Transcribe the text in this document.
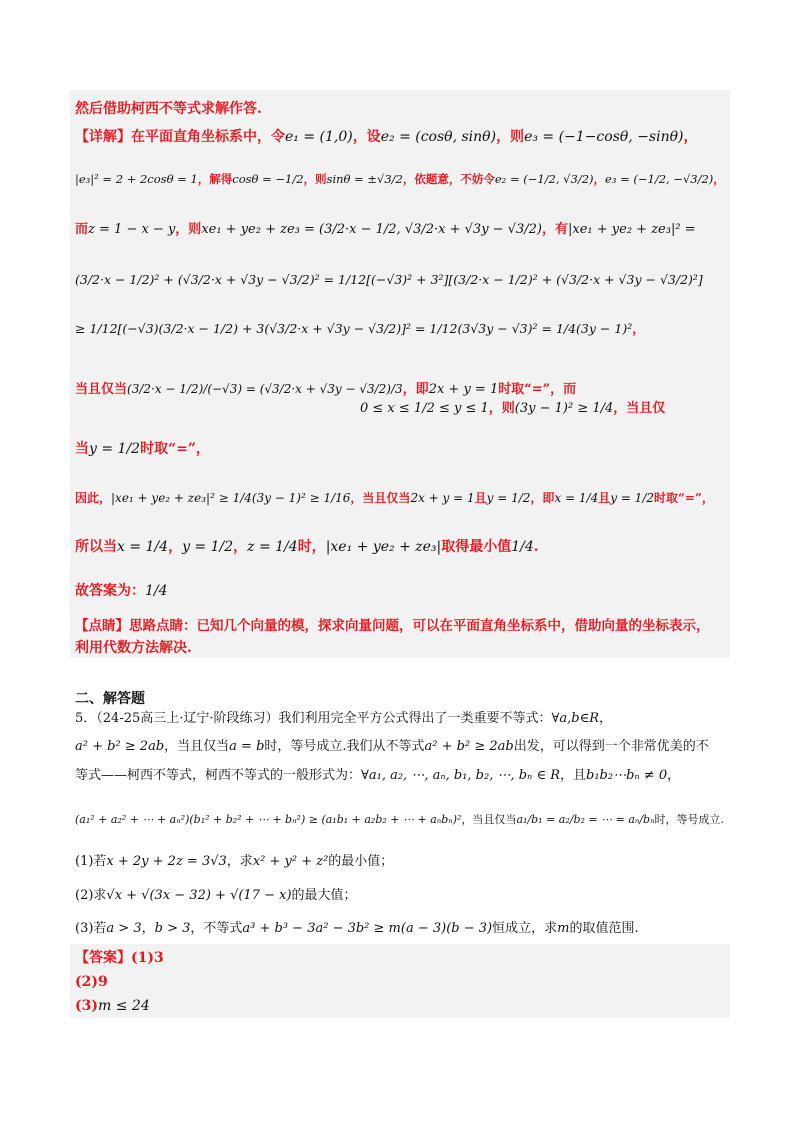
然后借助柯西不等式求解作答.
【详解】在平面直角坐标系中，令e₁ = (1,0)，设e₂ = (cosθ, sinθ)，则e₃ = (−1−cosθ, −sinθ)，
|e₃|² = 2 + 2cosθ = 1，解得cosθ = −1/2，则sinθ = ±√3/2，依题意，不妨令e₂ = (−1/2, √3/2)，e₃ = (−1/2, −√3/2)，
而z = 1 − x − y，则xe₁ + ye₂ + ze₃ = (3/2·x − 1/2, √3/2·x + √3y − √3/2)，有|xe₁ + ye₂ + ze₃|² =
(3/2·x − 1/2)² + (√3/2·x + √3y − √3/2)² = 1/12[(−√3)² + 3²][(3/2·x − 1/2)² + (√3/2·x + √3y − √3/2)²]
≥ 1/12[(−√3)(3/2·x − 1/2) + 3(√3/2·x + √3y − √3/2)]² = 1/12(3√3y − √3)² = 1/4(3y − 1)²，
当且仅当(3/2·x − 1/2)/(−√3) = (√3/2·x + √3y − √3/2)/3，即2x + y = 1时取“=”，而
0 ≤ x ≤ 1/2 ≤ y ≤ 1，则(3y − 1)² ≥ 1/4，当且仅
当y = 1/2时取“=”，
因此，|xe₁ + ye₂ + ze₃|² ≥ 1/4(3y − 1)² ≥ 1/16，当且仅当2x + y = 1且y = 1/2，即x = 1/4且y = 1/2时取“=”，
所以当x = 1/4，y = 1/2，z = 1/4时，|xe₁ + ye₂ + ze₃|取得最小值1/4.
故答案为：1/4
【点睛】思路点睛：已知几个向量的模，探求向量问题，可以在平面直角坐标系中，借助向量的坐标表示，
利用代数方法解决.
二、解答题
5．（24-25高三上·辽宁·阶段练习）我们利用完全平方公式得出了一类重要不等式：∀a,b∈R，
a² + b² ≥ 2ab，当且仅当a = b时，等号成立.我们从不等式a² + b² ≥ 2ab出发，可以得到一个非常优美的不
等式——柯西不等式，柯西不等式的一般形式为：∀a₁, a₂, ⋯, aₙ, b₁, b₂, ⋯, bₙ ∈ R，且b₁b₂⋯bₙ ≠ 0，
(a₁² + a₂² + ⋯ + aₙ²)(b₁² + b₂² + ⋯ + bₙ²) ≥ (a₁b₁ + a₂b₂ + ⋯ + aₙbₙ)²，当且仅当a₁/b₁ = a₂/b₂ = ⋯ = aₙ/bₙ时，等号成立.
(1)若x + 2y + 2z = 3√3，求x² + y² + z²的最小值；
(2)求√x + √(3x − 32) + √(17 − x)的最大值；
(3)若a > 3，b > 3，不等式a³ + b³ − 3a² − 3b² ≥ m(a − 3)(b − 3)恒成立，求m的取值范围.
【答案】(1)3
(2)9
(3)m ≤ 24
